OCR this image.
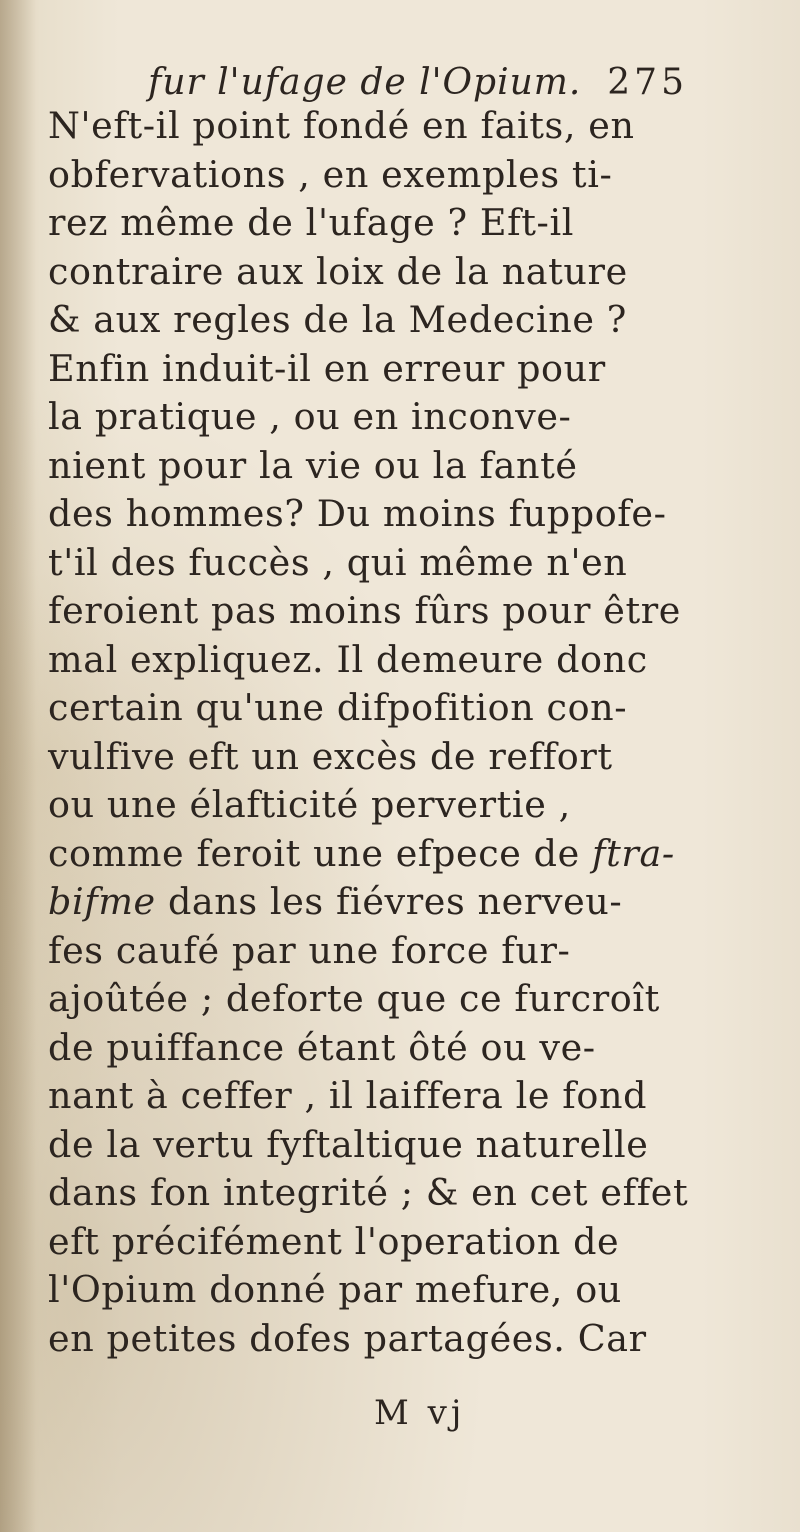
fur l'ufage de l'Opium. 275
N'eft-il point fondé en faits, en
obfervations , en exemples ti-
rez même de l'ufage ? Eft-il
contraire aux loix de la nature
& aux regles de la Medecine ?
Enfin induit-il en erreur pour
la pratique , ou en inconve-
nient pour la vie ou la fanté
des hommes? Du moins fuppofe-
t'il des fuccès , qui même n'en
feroient pas moins fûrs pour être
mal expliquez. Il demeure donc
certain qu'une difpofition con-
vulfive eft un excès de reffort
ou une élafticité pervertie ,
comme feroit une efpece de ftra-
bifme dans les fiévres nerveu-
fes caufé par une force fur-
ajoûtée ; deforte que ce furcroît
de puiffance étant ôté ou ve-
nant à ceffer , il laiffera le fond
de la vertu fyftaltique naturelle
dans fon integrité ; & en cet effet
eft précifément l'operation de
l'Opium donné par mefure, ou
en petites dofes partagées. Car
M vj
